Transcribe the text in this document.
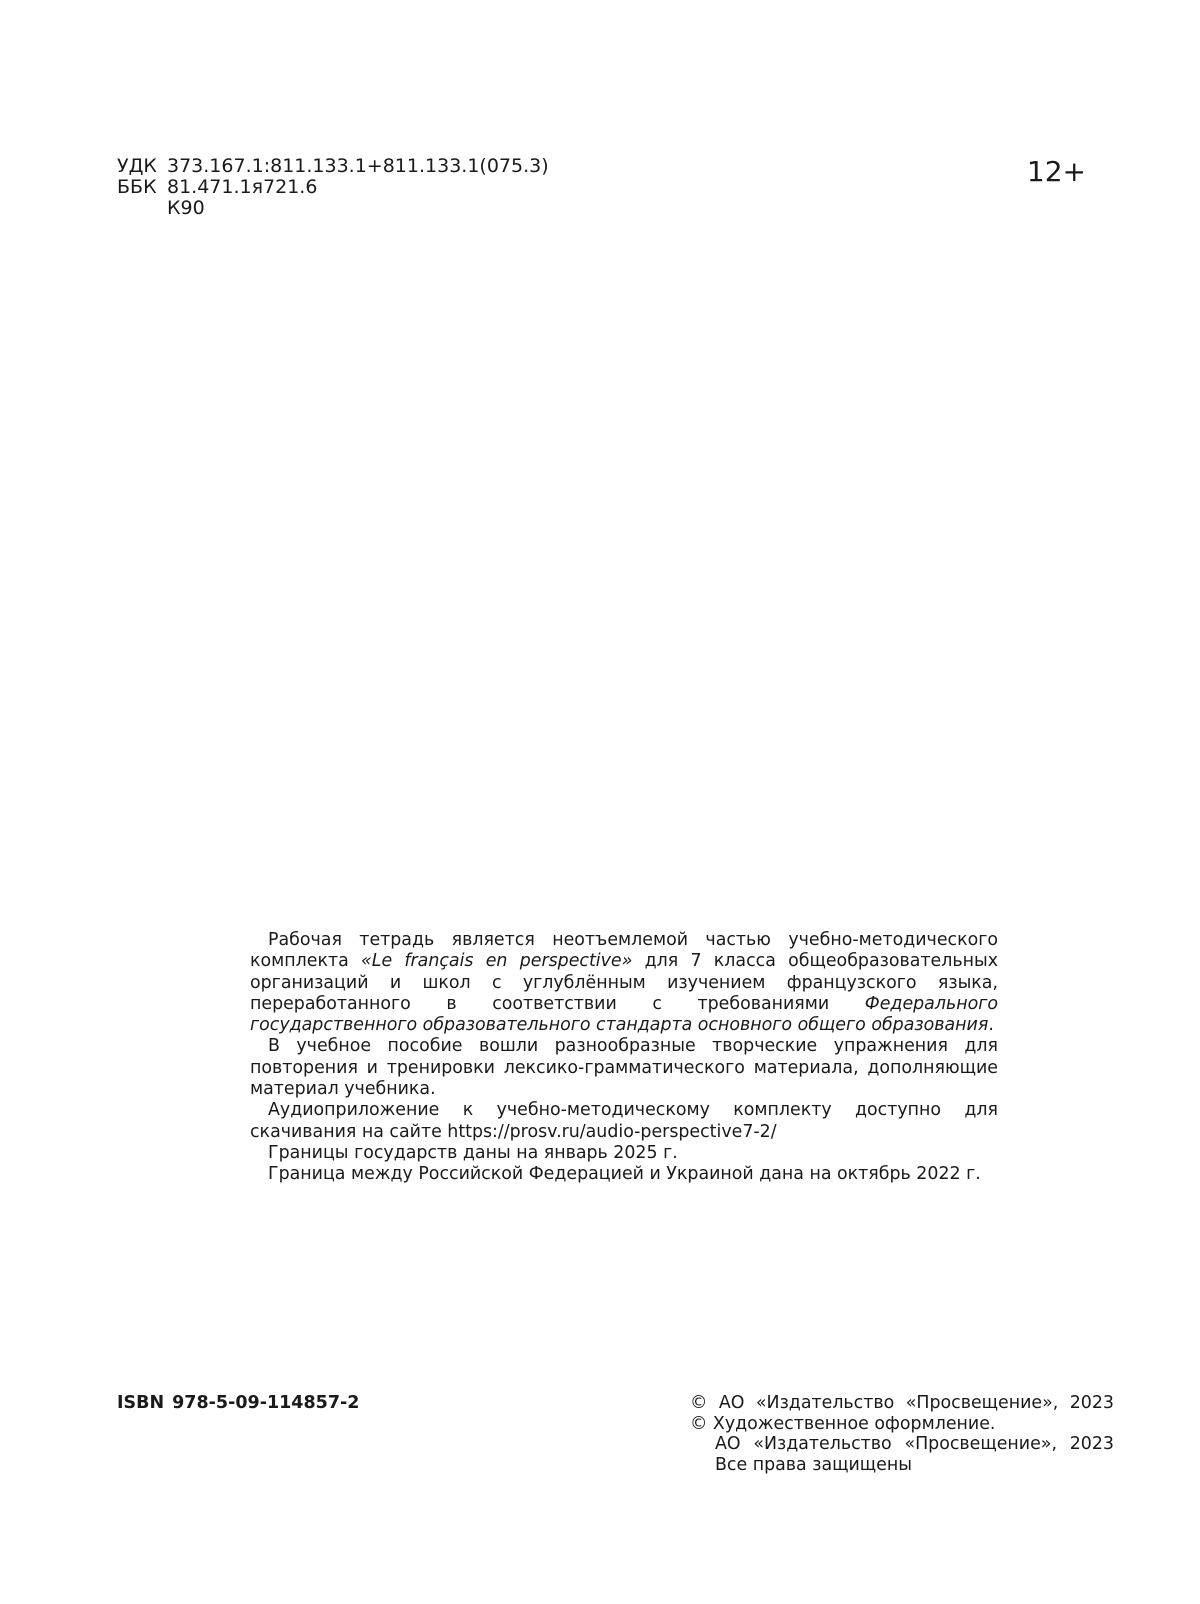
УДК 373.167.1:811.133.1+811.133.1(075.3)
ББК 81.471.1я721.6
К90
12+

Рабочая тетрадь является неотъемлемой частью учебно-методического комплекта «Le français en perspective» для 7 класса общеобразовательных организаций и школ с углублённым изучением французского языка, переработанного в соответствии с требованиями Федерального государственного образовательного стандарта основного общего образования.

В учебное пособие вошли разнообразные творческие упражнения для повторения и тренировки лексико-грамматического материала, дополняющие материал учебника.

Аудиоприложение к учебно-методическому комплекту доступно для скачивания на сайте https://prosv.ru/audio-perspective7-2/

Границы государств даны на январь 2025 г.

Граница между Российской Федерацией и Украиной дана на октябрь 2022 г.

ISBN 978-5-09-114857-2	© АО «Издательство «Просвещение», 2023
© Художественное оформление.
АО «Издательство «Просвещение», 2023
Все права защищены
